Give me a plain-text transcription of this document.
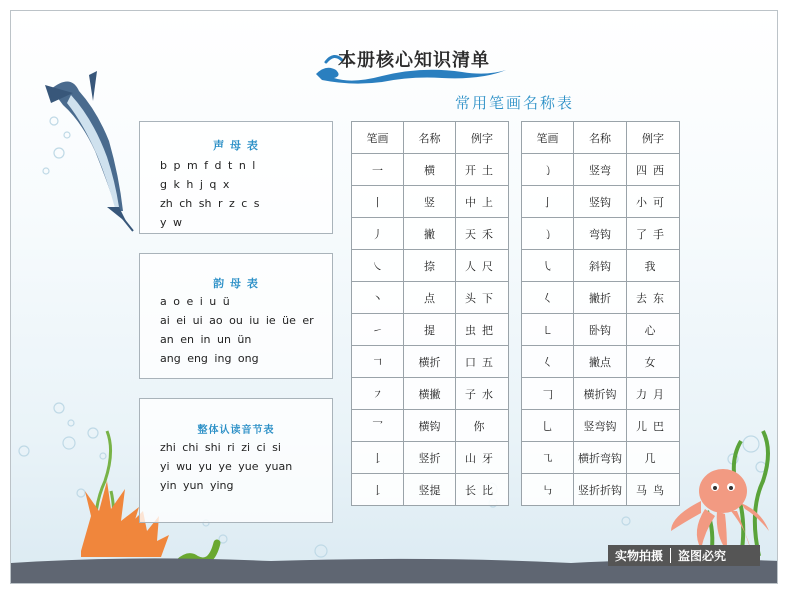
声 母 表
b p m f d t n l
g k h j q x
zh ch sh r z c s
y w
韵 母 表
a o e i u ü
ai ei ui ao ou iu ie üe er
an en in un ün
ang eng ing ong
整体认读音节表
zhi chi shi ri zi ci si
yi wu yu ye yue yuan
yin yun ying
笔画	名称	例字
一	横	开土
丨	竖	中上
丿	撇	天禾
㇏	捺	人尺
丶	点	头下
㇀	提	虫把
𠃍	横折	口五
㇇	横撇	子水
乛	横钩	你
𠄌	竖折	山牙
𠄌	竖提	长比
笔画	名称	例字
㇁	竖弯	四西
亅	竖钩	小可
㇁	弯钩	了手
㇂	斜钩	我
𡿨	撇折	去东
㇄	卧钩	心
𡿨	撇点	女
𠃌	横折钩	力月
乚	竖弯钩	儿巴
㇈	横折弯钩	几
㇉	竖折折钩	马鸟
实物拍摄	盗图必究
本册核心知识清单
常用笔画名称表
